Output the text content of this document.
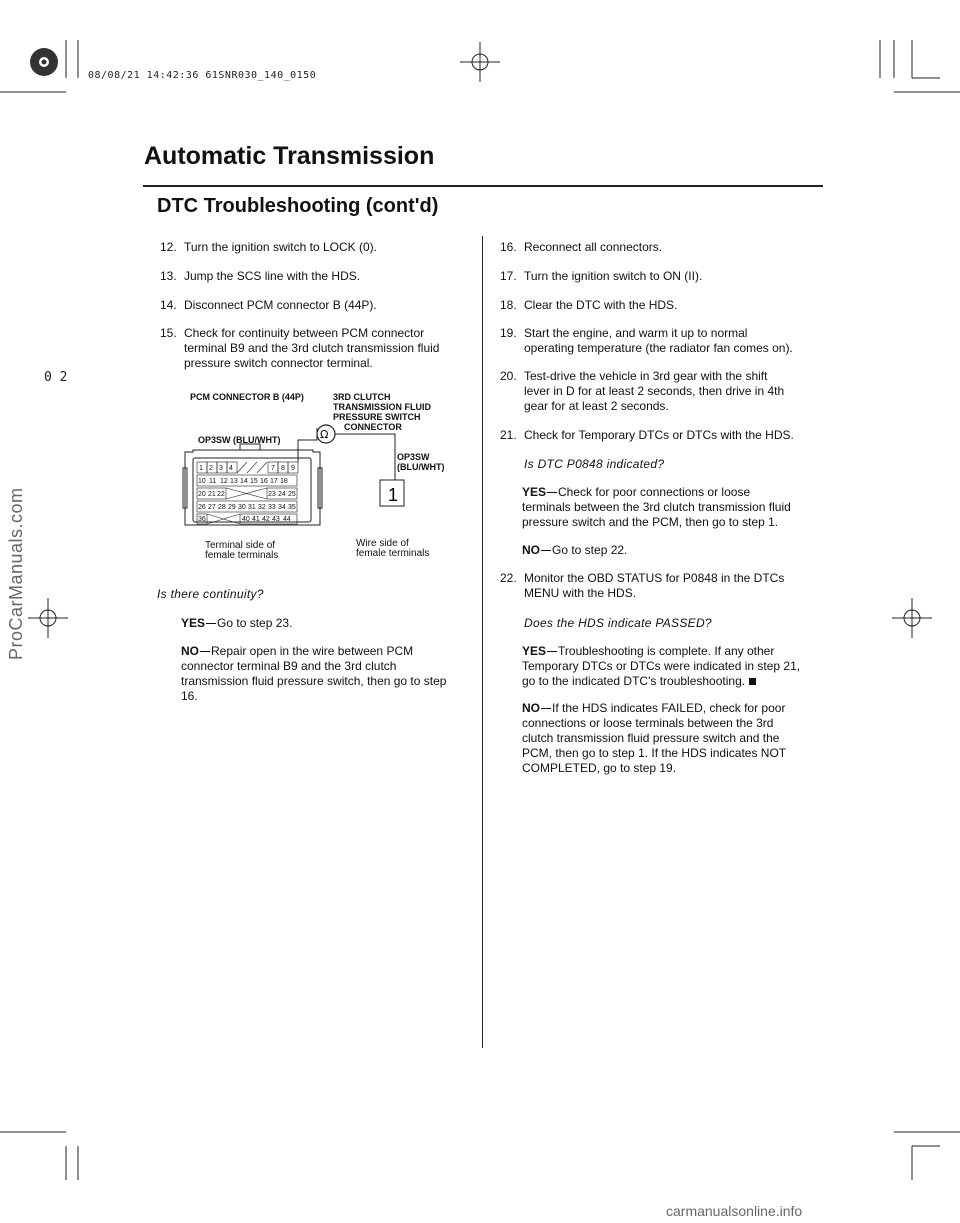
08/08/21 14:42:36 61SNR030_140_0150
0 2
ProCarManuals.com
carmanualsonline.info
Automatic Transmission
DTC Troubleshooting (cont'd)
12. Turn the ignition switch to LOCK (0).
13. Jump the SCS line with the HDS.
14. Disconnect PCM connector B (44P).
15. Check for continuity between PCM connector
terminal B9 and the 3rd clutch transmission fluid
pressure switch connector terminal.
PCM CONNECTOR B (44P)	3RD CLUTCH
TRANSMISSION FLUID
PRESSURE SWITCH
CONNECTOR
OP3SW (BLU/WHT)
OP3SW
(BLU/WHT)
Ω
1
1 2 3 4	7 8 9
10 11 12 13 14 15 16 17 18
20 21 22	23 24 25
26 27 28 29 30 31 32 33 34 35
36	40 41 42 43 44
Terminal side of
female terminals
Wire side of
female terminals
Is there continuity?
YES Go to step 23.
NO Repair open in the wire between PCM
connector terminal B9 and the 3rd clutch
transmission fluid pressure switch, then go to step
16.
16. Reconnect all connectors.
17. Turn the ignition switch to ON (II).
18. Clear the DTC with the HDS.
19. Start the engine, and warm it up to normal
operating temperature (the radiator fan comes on).
20. Test-drive the vehicle in 3rd gear with the shift
lever in D for at least 2 seconds, then drive in 4th
gear for at least 2 seconds.
21. Check for Temporary DTCs or DTCs with the HDS.
Is DTC P0848 indicated?
YES Check for poor connections or loose
terminals between the 3rd clutch transmission fluid
pressure switch and the PCM, then go to step 1.
NO Go to step 22.
22. Monitor the OBD STATUS for P0848 in the DTCs
MENU with the HDS.
Does the HDS indicate PASSED?
YES Troubleshooting is complete. If any other
Temporary DTCs or DTCs were indicated in step 21,
go to the indicated DTC's troubleshooting.
NO If the HDS indicates FAILED, check for poor
connections or loose terminals between the 3rd
clutch transmission fluid pressure switch and the
PCM, then go to step 1. If the HDS indicates NOT
COMPLETED, go to step 19.
